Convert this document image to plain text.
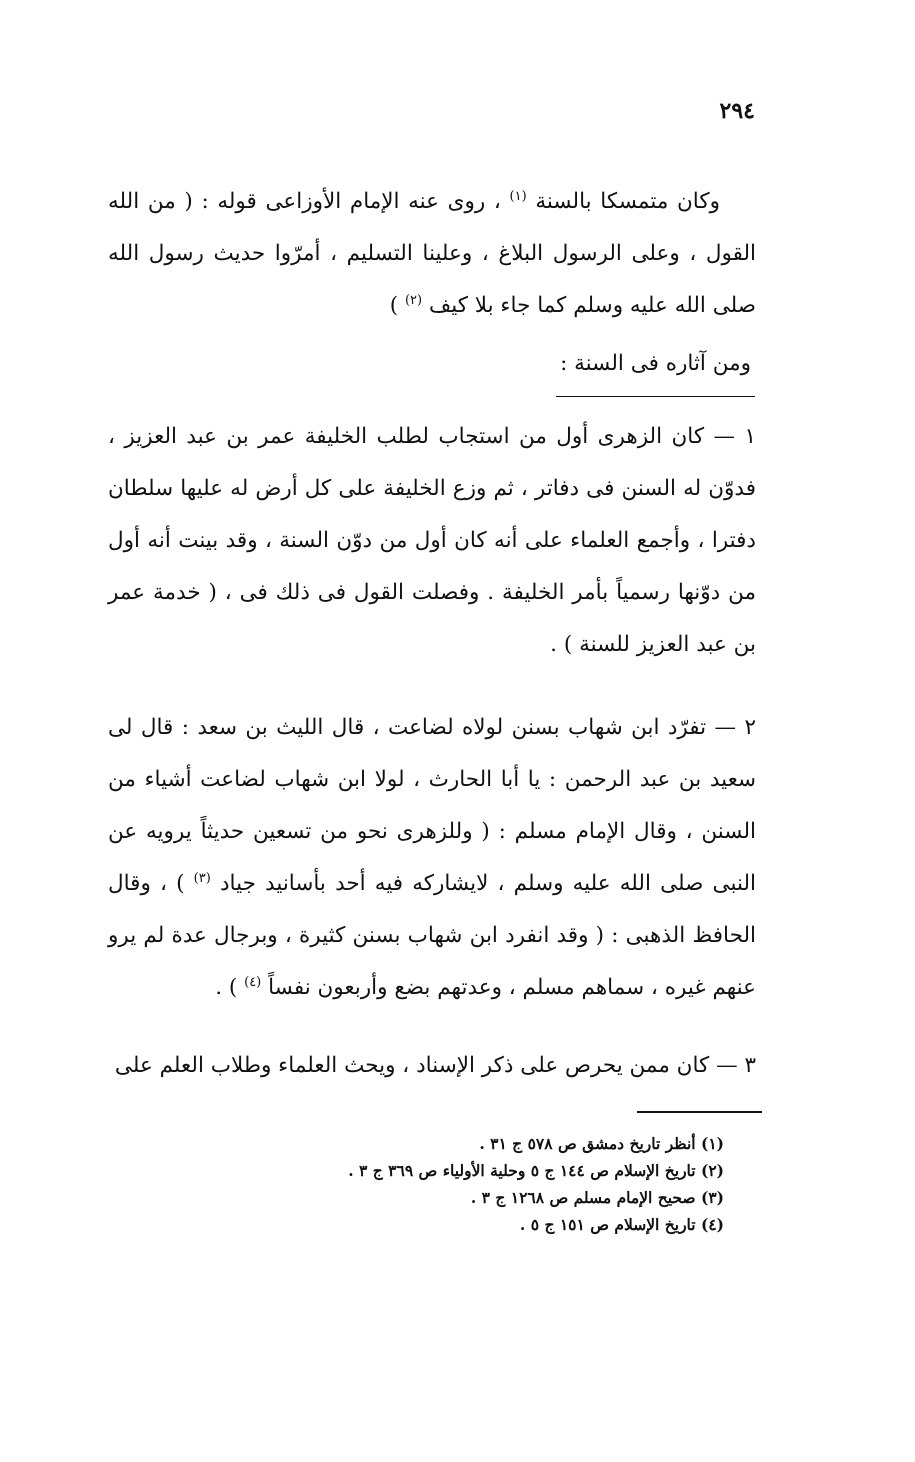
٢٩٤
وكان متمسكا بالسنة $^{(١)}$ ، روى عنه الإمام الأوزاعى قوله : ( من الله القول ، وعلى الرسول البلاغ ، وعلينا التسليم ، أمرّوا حديث رسول الله صلى الله عليه وسلم كما جاء بلا كيف $^{(٢)}$ )
ومن آثاره فى السنة :
١ — كان الزهرى أول من استجاب لطلب الخليفة عمر بن عبد العزيز ، فدوّن له السنن فى دفاتر ، ثم وزع الخليفة على كل أرض له عليها سلطان دفترا ، وأجمع العلماء على أنه كان أول من دوّن السنة ، وقد بينت أنه أول من دوّنها رسمياً بأمر الخليفة . وفصلت القول فى ذلك فى ، ( خدمة عمر بن عبد العزيز للسنة ) .
٢ — تفرّد ابن شهاب بسنن لولاه لضاعت ، قال الليث بن سعد : قال لى سعيد بن عبد الرحمن : يا أبا الحارث ، لولا ابن شهاب لضاعت أشياء من السنن ، وقال الإمام مسلم : ( وللزهرى نحو من تسعين حديثاً يرويه عن النبى صلى الله عليه وسلم ، لايشاركه فيه أحد بأسانيد جياد $^{(٣)}$ ) ، وقال الحافظ الذهبى : ( وقد انفرد ابن شهاب بسنن كثيرة ، وبرجال عدة لم يرو عنهم غيره ، سماهم مسلم ، وعدتهم بضع وأربعون نفساً $^{(٤)}$ ) .
٣ — كان ممن يحرص على ذكر الإسناد ، ويحث العلماء وطلاب العلم على
(١) أنظر تاريخ دمشق ص ٥٧٨ ج ٣١ .
(٢) تاريخ الإسلام ص ١٤٤ ج ٥ وحلية الأولياء ص ٣٦٩ ج ٣ .
(٣) صحيح الإمام مسلم ص ١٢٦٨ ج ٣ .
(٤) تاريخ الإسلام ص ١٥١ ج ٥ .
